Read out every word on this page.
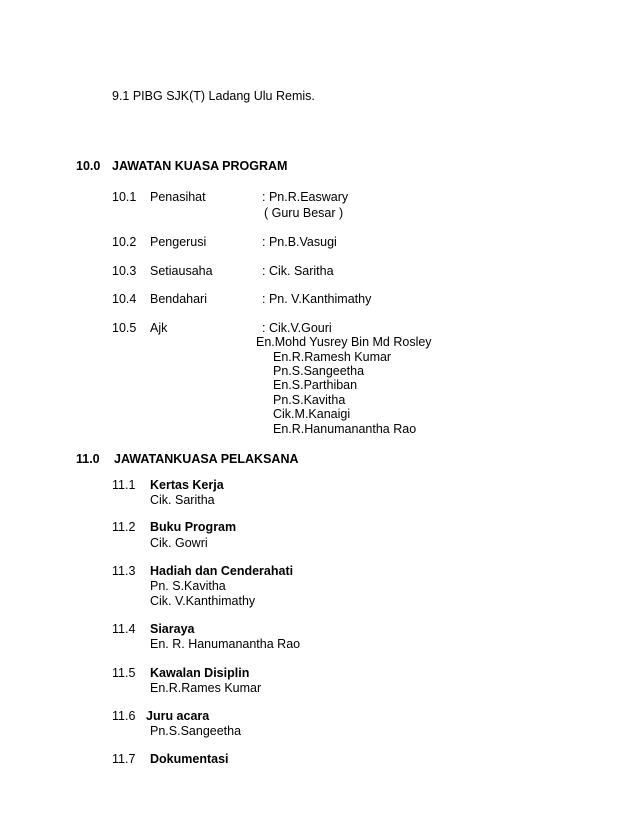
9.1 PIBG SJK(T) Ladang Ulu Remis.
10.0 JAWATAN KUASA PROGRAM
10.1 Penasihat	: Pn.R.Easwary
( Guru Besar )
10.2 Pengerusi	: Pn.B.Vasugi
10.3 Setiausaha	: Cik. Saritha
10.4 Bendahari	: Pn. V.Kanthimathy
10.5 Ajk	: Cik.V.Gouri
En.Mohd Yusrey Bin Md Rosley
En.R.Ramesh Kumar
Pn.S.Sangeetha
En.S.Parthiban
Pn.S.Kavitha
Cik.M.Kanaigi
En.R.Hanumanantha Rao
11.0 JAWATANKUASA PELAKSANA
11.1 Kertas Kerja
Cik. Saritha
11.2 Buku Program
Cik. Gowri
11.3 Hadiah dan Cenderahati
Pn. S.Kavitha
Cik. V.Kanthimathy
11.4 Siaraya
En. R. Hanumanantha Rao
11.5 Kawalan Disiplin
En.R.Rames Kumar
11.6 Juru acara
Pn.S.Sangeetha
11.7 Dokumentasi
